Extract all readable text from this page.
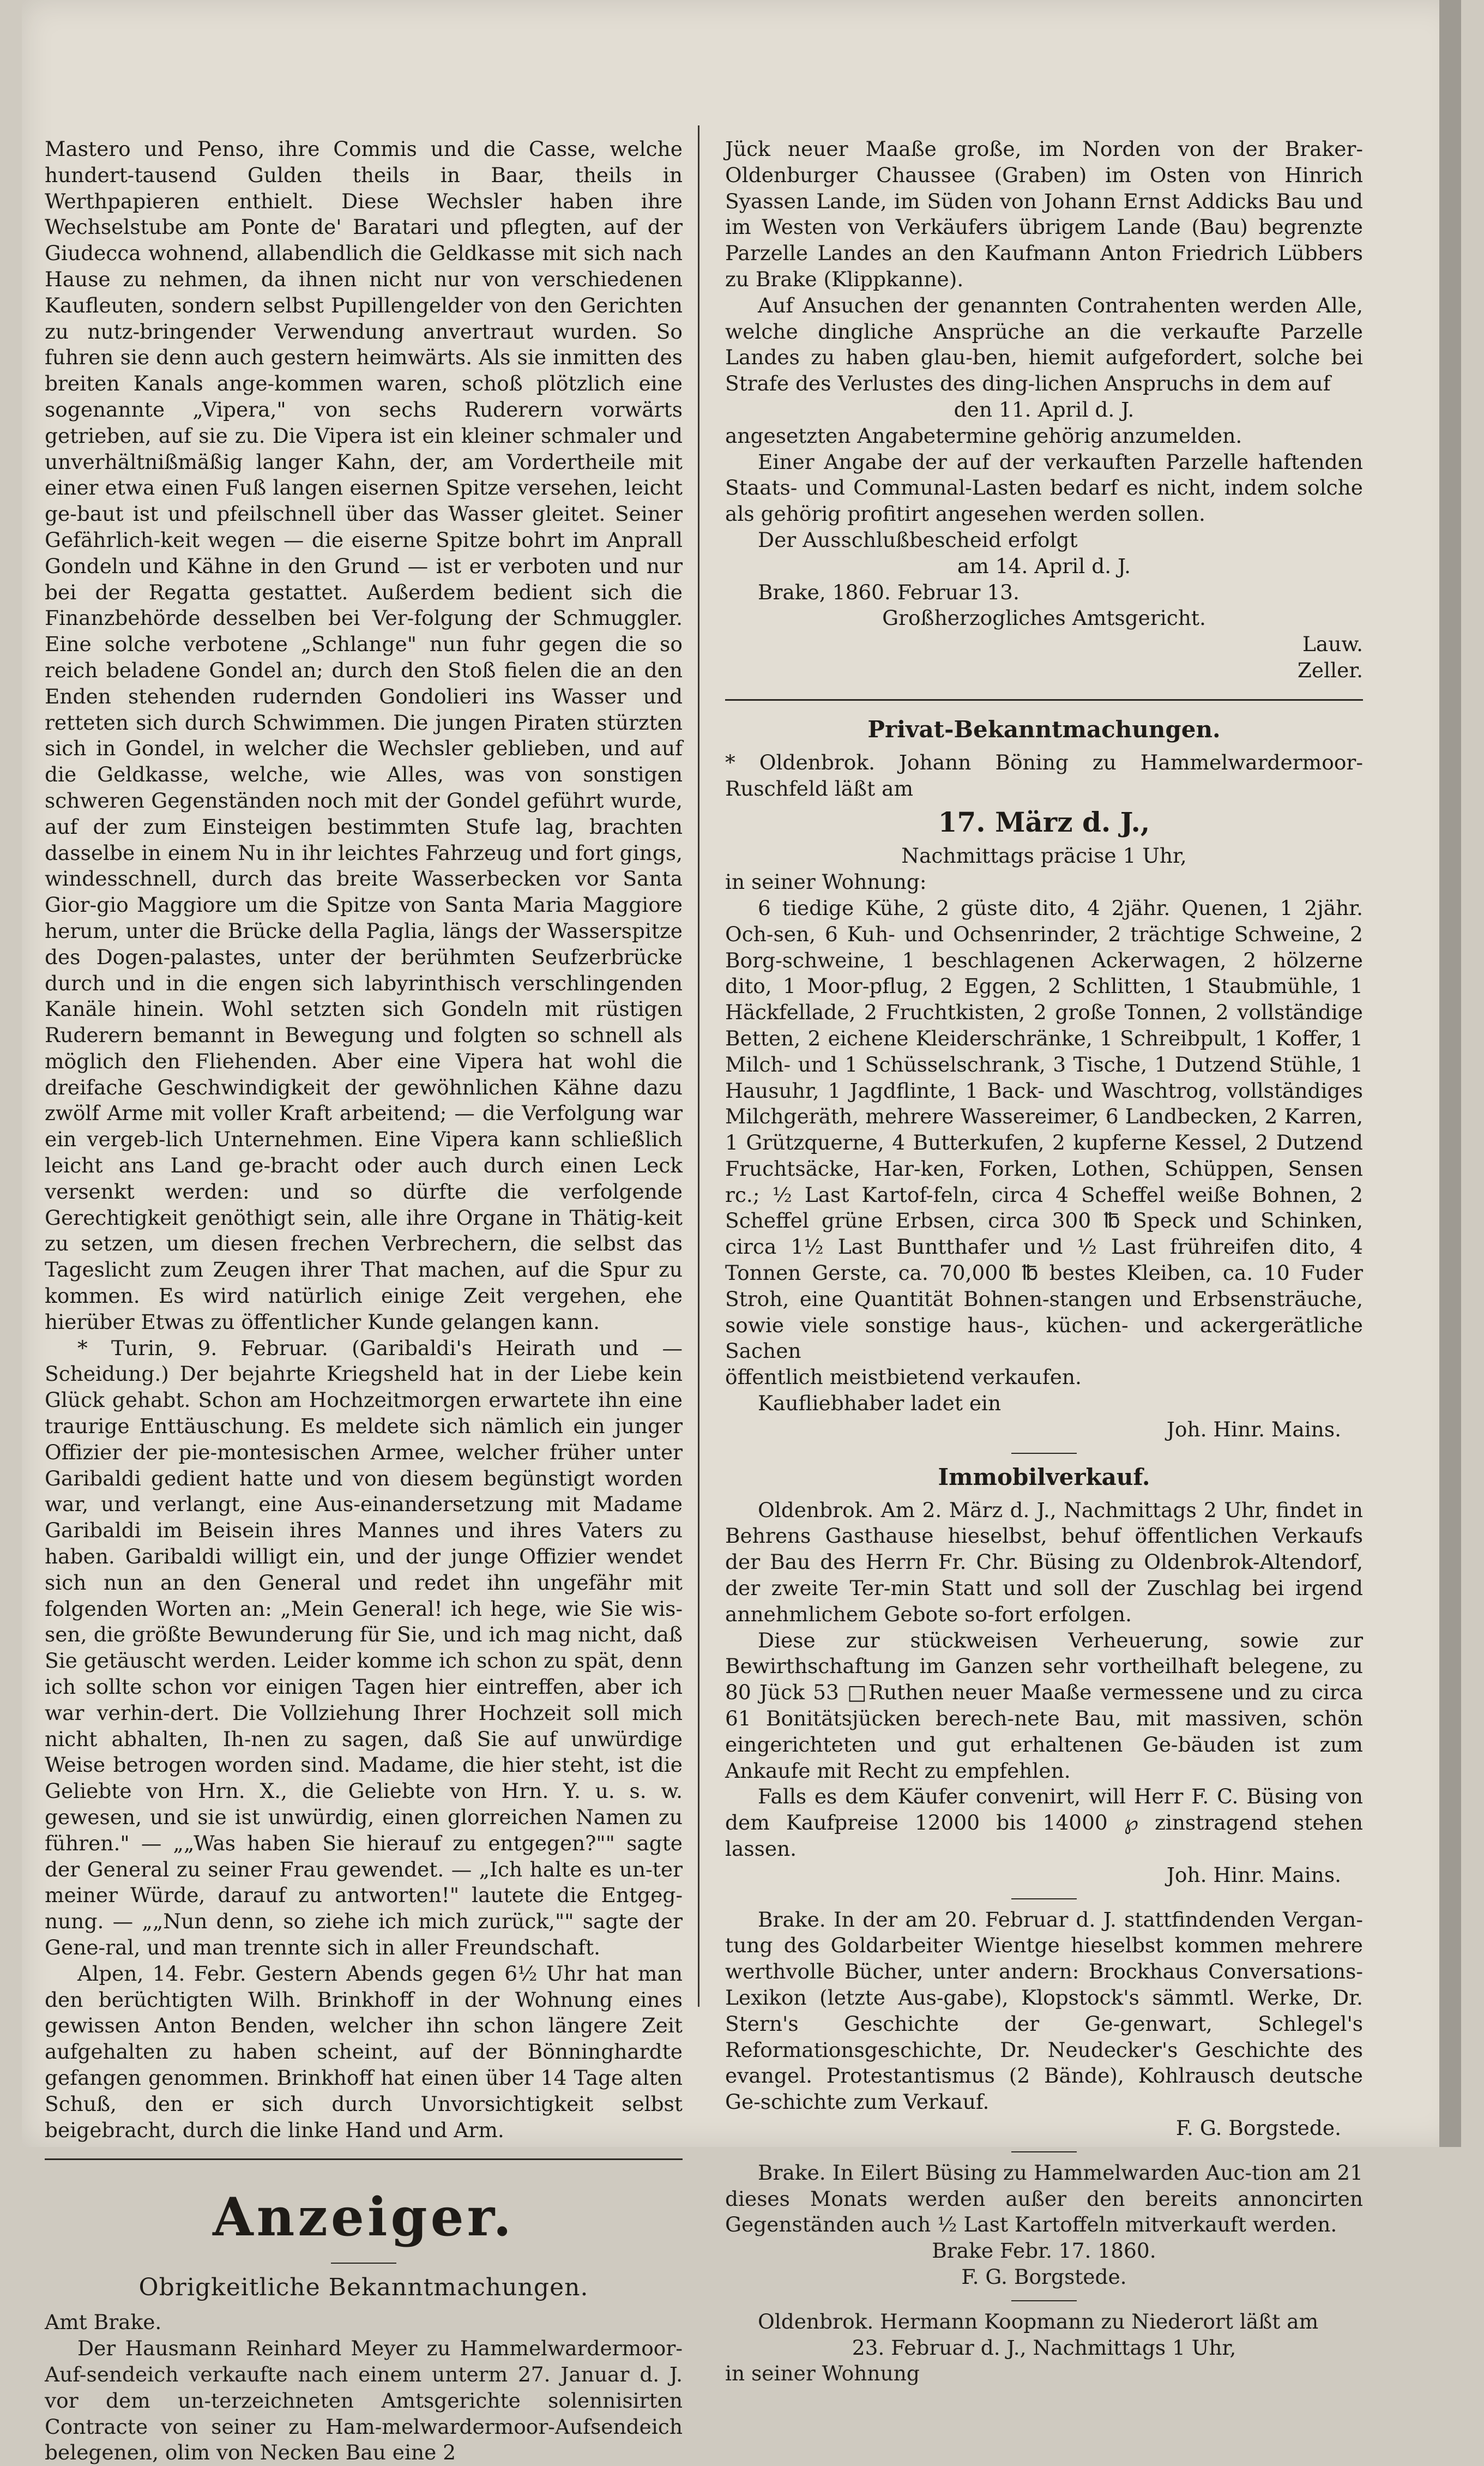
Mastero und Penso, ihre Commis und die Casse, welche hundert-tausend Gulden theils in Baar, theils in Werthpapieren enthielt. Diese Wechsler haben ihre Wechselstube am Ponte de' Baratari und pflegten, auf der Giudecca wohnend, allabendlich die Geldkasse mit sich nach Hause zu nehmen, da ihnen nicht nur von verschiedenen Kaufleuten, sondern selbst Pupillengelder von den Gerichten zu nutz-bringender Verwendung anvertraut wurden. So fuhren sie denn auch gestern heimwärts. Als sie inmitten des breiten Kanals ange-kommen waren, schoß plötzlich eine sogenannte „Vipera," von sechs Ruderern vorwärts getrieben, auf sie zu. Die Vipera ist ein kleiner schmaler und unverhältnißmäßig langer Kahn, der, am Vordertheile mit einer etwa einen Fuß langen eisernen Spitze versehen, leicht ge-baut ist und pfeilschnell über das Wasser gleitet. Seiner Gefährlich-keit wegen — die eiserne Spitze bohrt im Anprall Gondeln und Kähne in den Grund — ist er verboten und nur bei der Regatta gestattet. Außerdem bedient sich die Finanzbehörde desselben bei Ver-folgung der Schmuggler. Eine solche verbotene „Schlange" nun fuhr gegen die so reich beladene Gondel an; durch den Stoß fielen die an den Enden stehenden rudernden Gondolieri ins Wasser und retteten sich durch Schwimmen. Die jungen Piraten stürzten sich in Gondel, in welcher die Wechsler geblieben, und auf die Geldkasse, welche, wie Alles, was von sonstigen schweren Gegenständen noch mit der Gondel geführt wurde, auf der zum Einsteigen bestimmten Stufe lag, brachten dasselbe in einem Nu in ihr leichtes Fahrzeug und fort gings, windesschnell, durch das breite Wasserbecken vor Santa Gior-gio Maggiore um die Spitze von Santa Maria Maggiore herum, unter die Brücke della Paglia, längs der Wasserspitze des Dogen-palastes, unter der berühmten Seufzerbrücke durch und in die engen sich labyrinthisch verschlingenden Kanäle hinein. Wohl setzten sich Gondeln mit rüstigen Ruderern bemannt in Bewegung und folgten so schnell als möglich den Fliehenden. Aber eine Vipera hat wohl die dreifache Geschwindigkeit der gewöhnlichen Kähne dazu zwölf Arme mit voller Kraft arbeitend; — die Verfolgung war ein vergeb-lich Unternehmen. Eine Vipera kann schließlich leicht ans Land ge-bracht oder auch durch einen Leck versenkt werden: und so dürfte die verfolgende Gerechtigkeit genöthigt sein, alle ihre Organe in Thätig-keit zu setzen, um diesen frechen Verbrechern, die selbst das Tageslicht zum Zeugen ihrer That machen, auf die Spur zu kommen. Es wird natürlich einige Zeit vergehen, ehe hierüber Etwas zu öffentlicher Kunde gelangen kann.

* Turin, 9. Februar. (Garibaldi's Heirath und — Scheidung.) Der bejahrte Kriegsheld hat in der Liebe kein Glück gehabt. Schon am Hochzeitmorgen erwartete ihn eine traurige Enttäuschung. Es meldete sich nämlich ein junger Offizier der pie-montesischen Armee, welcher früher unter Garibaldi gedient hatte und von diesem begünstigt worden war, und verlangt, eine Aus-einandersetzung mit Madame Garibaldi im Beisein ihres Mannes und ihres Vaters zu haben. Garibaldi willigt ein, und der junge Offizier wendet sich nun an den General und redet ihn ungefähr mit folgenden Worten an: „Mein General! ich hege, wie Sie wis-sen, die größte Bewunderung für Sie, und ich mag nicht, daß Sie getäuscht werden. Leider komme ich schon zu spät, denn ich sollte schon vor einigen Tagen hier eintreffen, aber ich war verhin-dert. Die Vollziehung Ihrer Hochzeit soll mich nicht abhalten, Ih-nen zu sagen, daß Sie auf unwürdige Weise betrogen worden sind. Madame, die hier steht, ist die Geliebte von Hrn. X., die Geliebte von Hrn. Y. u. s. w. gewesen, und sie ist unwürdig, einen glorreichen Namen zu führen." — „„Was haben Sie hierauf zu entgegen?"" sagte der General zu seiner Frau gewendet. — „Ich halte es un-ter meiner Würde, darauf zu antworten!" lautete die Entgeg-nung. — „„Nun denn, so ziehe ich mich zurück,"" sagte der Gene-ral, und man trennte sich in aller Freundschaft.

Alpen, 14. Febr. Gestern Abends gegen 6½ Uhr hat man den berüchtigten Wilh. Brinkhoff in der Wohnung eines gewissen Anton Benden, welcher ihn schon längere Zeit aufgehalten zu haben scheint, auf der Bönninghardte gefangen genommen. Brinkhoff hat einen über 14 Tage alten Schuß, den er sich durch Unvorsichtigkeit selbst beigebracht, durch die linke Hand und Arm.

Anzeiger.
Obrigkeitliche Bekanntmachungen.

Amt Brake.

Der Hausmann Reinhard Meyer zu Hammelwardermoor-Auf-sendeich verkaufte nach einem unterm 27. Januar d. J. vor dem un-terzeichneten Amtsgerichte solennisirten Contracte von seiner zu Ham-melwardermoor-Aufsendeich belegenen, olim von Necken Bau eine 2

Jück neuer Maaße große, im Norden von der Braker-Oldenburger Chaussee (Graben) im Osten von Hinrich Syassen Lande, im Süden von Johann Ernst Addicks Bau und im Westen von Verkäufers übrigem Lande (Bau) begrenzte Parzelle Landes an den Kaufmann Anton Friedrich Lübbers zu Brake (Klippkanne).

Auf Ansuchen der genannten Contrahenten werden Alle, welche dingliche Ansprüche an die verkaufte Parzelle Landes zu haben glau-ben, hiemit aufgefordert, solche bei Strafe des Verlustes des ding-lichen Anspruchs in dem auf

den 11. April d. J.

angesetzten Angabetermine gehörig anzumelden.

Einer Angabe der auf der verkauften Parzelle haftenden Staats- und Communal-Lasten bedarf es nicht, indem solche als gehörig profitirt angesehen werden sollen.

Der Ausschlußbescheid erfolgt

am 14. April d. J.

Brake, 1860. Februar 13.

Großherzogliches Amtsgericht.

Lauw.

Zeller.

Privat-Bekanntmachungen.

* Oldenbrok. Johann Böning zu Hammelwardermoor-Ruschfeld läßt am

17. März d. J.,

Nachmittags präcise 1 Uhr,

in seiner Wohnung:

6 tiedige Kühe, 2 güste dito, 4 2jähr. Quenen, 1 2jähr. Och-sen, 6 Kuh- und Ochsenrinder, 2 trächtige Schweine, 2 Borg-schweine, 1 beschlagenen Ackerwagen, 2 hölzerne dito, 1 Moor-pflug, 2 Eggen, 2 Schlitten, 1 Staubmühle, 1 Häckfellade, 2 Fruchtkisten, 2 große Tonnen, 2 vollständige Betten, 2 eichene Kleiderschränke, 1 Schreibpult, 1 Koffer, 1 Milch- und 1 Schüsselschrank, 3 Tische, 1 Dutzend Stühle, 1 Hausuhr, 1 Jagdflinte, 1 Back- und Waschtrog, vollständiges Milchgeräth, mehrere Wassereimer, 6 Landbecken, 2 Karren, 1 Grützquerne, 4 Butterkufen, 2 kupferne Kessel, 2 Dutzend Fruchtsäcke, Har-ken, Forken, Lothen, Schüppen, Sensen rc.; ½ Last Kartof-feln, circa 4 Scheffel weiße Bohnen, 2 Scheffel grüne Erbsen, circa 300 ℔ Speck und Schinken, circa 1½ Last Buntthafer und ½ Last frühreifen dito, 4 Tonnen Gerste, ca. 70,000 ℔ bestes Kleiben, ca. 10 Fuder Stroh, eine Quantität Bohnen-stangen und Erbsensträuche, sowie viele sonstige haus-, küchen- und ackergerätliche Sachen

öffentlich meistbietend verkaufen.

Kaufliebhaber ladet ein

Joh. Hinr. Mains.

Immobilverkauf.

Oldenbrok. Am 2. März d. J., Nachmittags 2 Uhr, findet in Behrens Gasthause hieselbst, behuf öffentlichen Verkaufs der Bau des Herrn Fr. Chr. Büsing zu Oldenbrok-Altendorf, der zweite Ter-min Statt und soll der Zuschlag bei irgend annehmlichem Gebote so-fort erfolgen.

Diese zur stückweisen Verheuerung, sowie zur Bewirthschaftung im Ganzen sehr vortheilhaft belegene, zu 80 Jück 53 □Ruthen neuer Maaße vermessene und zu circa 61 Bonitätsjücken berech-nete Bau, mit massiven, schön eingerichteten und gut erhaltenen Ge-bäuden ist zum Ankaufe mit Recht zu empfehlen.

Falls es dem Käufer convenirt, will Herr F. C. Büsing von dem Kaufpreise 12000 bis 14000 ℘ zinstragend stehen lassen.

Joh. Hinr. Mains.

Brake. In der am 20. Februar d. J. stattfindenden Vergan-tung des Goldarbeiter Wientge hieselbst kommen mehrere werthvolle Bücher, unter andern: Brockhaus Conversations-Lexikon (letzte Aus-gabe), Klopstock's sämmtl. Werke, Dr. Stern's Geschichte der Ge-genwart, Schlegel's Reformationsgeschichte, Dr. Neudecker's Geschichte des evangel. Protestantismus (2 Bände), Kohlrausch deutsche Ge-schichte zum Verkauf.

F. G. Borgstede.

Brake. In Eilert Büsing zu Hammelwarden Auc-tion am 21 dieses Monats werden außer den bereits annoncirten Gegenständen auch ½ Last Kartoffeln mitverkauft werden.

Brake Febr. 17. 1860.

F. G. Borgstede.

Oldenbrok. Hermann Koopmann zu Niederort läßt am

23. Februar d. J., Nachmittags 1 Uhr,

in seiner Wohnung
